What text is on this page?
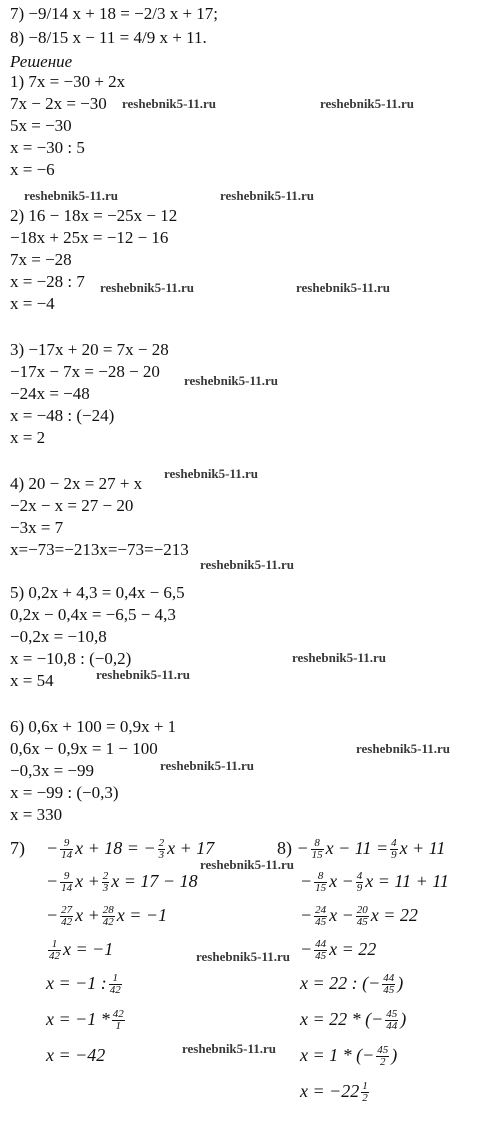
7) −9/14 x + 18 = −2/3 x + 17;
8) −8/15 x − 11 = 4/9 x + 11.
Решение
1) 7x = −30 + 2x
7x − 2x = −30
5x = −30
x = −30 : 5
x = −6
2) 16 − 18x = −25x − 12
−18x + 25x = −12 − 16
7x = −28
x = −28 : 7
x = −4
3) −17x + 20 = 7x − 28
−17x − 7x = −28 − 20
−24x = −48
x = −48 : (−24)
x = 2
4) 20 − 2x = 27 + x
−2x − x = 27 − 20
−3x = 7
x=−73=−213x=−73=−213
5) 0,2x + 4,3 = 0,4x − 6,5
0,2x − 0,4x = −6,5 − 4,3
−0,2x = −10,8
x = −10,8 : (−0,2)
x = 54
6) 0,6x + 100 = 0,9x + 1
0,6x − 0,9x = 1 − 100
−0,3x = −99
x = −99 : (−0,3)
x = 330
$7) - \frac{9}{14}$ x + 18 = − $\frac{2}{3}$ x + 17
− $\frac{9}{14}$ $x + \frac{2}{3}$ x = 17 − 18
− $\frac{27}{42}$ $x + \frac{28}{42}$ x = −1
$\frac{1}{42}$ x = −1
x = −1 : $\frac{1}{42}$
$x = -1 * \frac{42}{1}$
x = −42
$8) - \frac{8}{15}$ $x - 11 = \frac{4}{9}$ x + 11
− $\frac{8}{15}$ $x - \frac{4}{9}$ x = 11 + 11
− $\frac{24}{45}$ $x - \frac{20}{45}$ x = 22
− $\frac{44}{45}$ x = 22
x = 22 : (− $\frac{44}{45}$ )
x = 22 * (− $\frac{45}{44}$ )
x = 1 * (− $\frac{45}{2}$ )
$x = -22 \frac{1}{2}$
reshebnik5-11.ru	reshebnik5-11.ru
reshebnik5-11.ru	reshebnik5-11.ru
reshebnik5-11.ru	reshebnik5-11.ru
reshebnik5-11.ru
reshebnik5-11.ru
reshebnik5-11.ru
reshebnik5-11.ru
reshebnik5-11.ru
reshebnik5-11.ru
reshebnik5-11.ru
reshebnik5-11.ru
reshebnik5-11.ru
reshebnik5-11.ru
